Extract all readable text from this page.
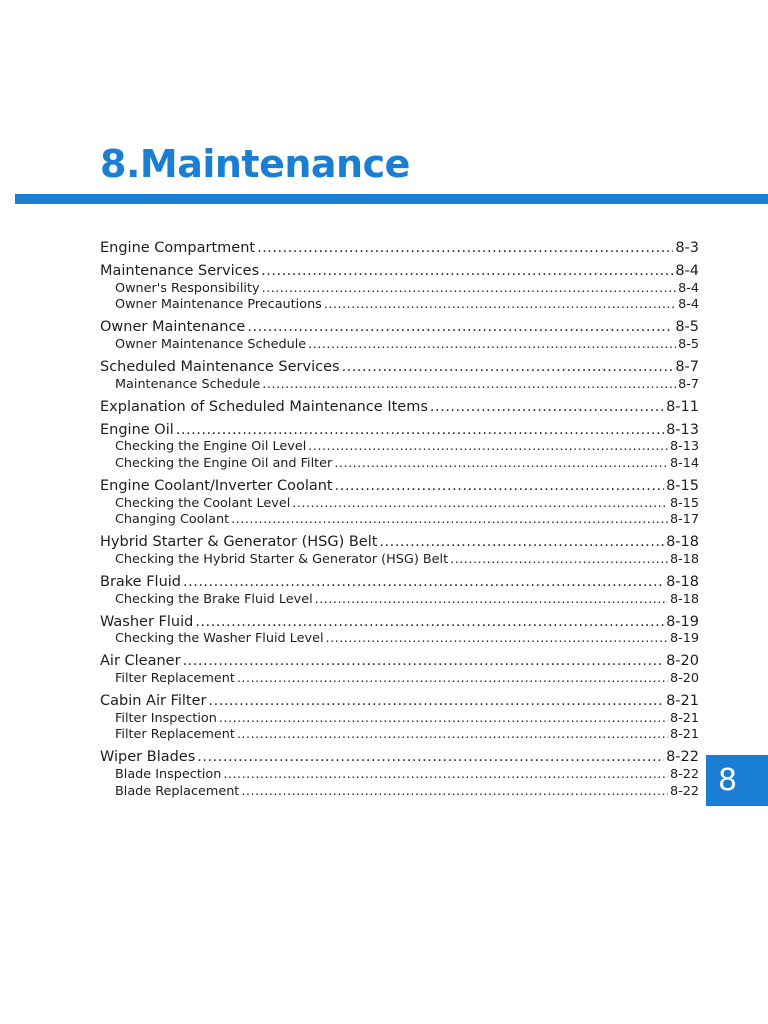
8.Maintenance
Engine Compartment .....	8-3
Maintenance Services .....	8-4
Owner's Responsibility .....	8-4
Owner Maintenance Precautions .....	8-4
Owner Maintenance .....	8-5
Owner Maintenance Schedule .....	8-5
Scheduled Maintenance Services .....	8-7
Maintenance Schedule .....	8-7
Explanation of Scheduled Maintenance Items .....	8-11
Engine Oil .....	8-13
Checking the Engine Oil Level .....	8-13
Checking the Engine Oil and Filter .....	8-14
Engine Coolant/Inverter Coolant .....	8-15
Checking the Coolant Level .....	8-15
Changing Coolant .....	8-17
Hybrid Starter & Generator (HSG) Belt .....	8-18
Checking the Hybrid Starter & Generator (HSG) Belt .....	8-18
Brake Fluid .....	8-18
Checking the Brake Fluid Level .....	8-18
Washer Fluid .....	8-19
Checking the Washer Fluid Level .....	8-19
Air Cleaner .....	8-20
Filter Replacement .....	8-20
Cabin Air Filter .....	8-21
Filter Inspection .....	8-21
Filter Replacement .....	8-21
Wiper Blades .....	8-22
Blade Inspection .....	8-22
Blade Replacement .....	8-22 8
